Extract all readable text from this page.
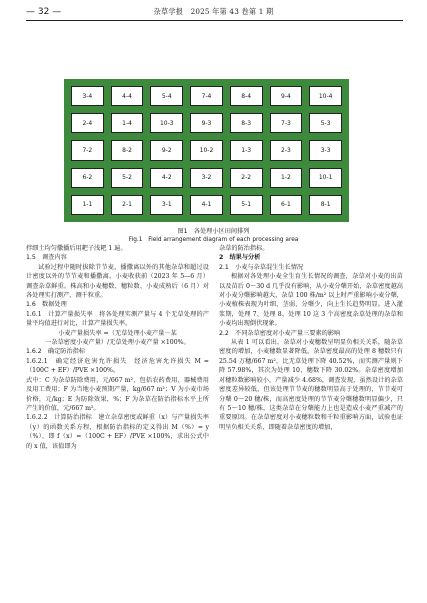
— 32 —	杂草学报　2025 年第 43 卷第 1 期
3-4	4-4	5-4	7-4	8-4	9-4	10-4
2-4	1-4	10-3	9-3	8-3	7-3	5-3
7-2	8-2	9-2	10-2	1-3	2-3	3-3
6-2	5-2	4-2	3-2	2-2	1-2	10-1
1-1	2-1	3-1	4-1	5-1	6-1	8-1
图1　各处理小区田间排列
Fig.1　Field arrangement diagram of each processing area

拌细土均匀撒播后用耙子浅耙 1 遍。

1.5　调查内容

试验过程中随时拔除节节麦、播撒离以外的其他杂草和超过设计密度以外的节节麦和播撒离。小麦收获前（2023 年 5—6 月）调查杂草鲜重。株高和小麦穗数、穗粒数、小麦成熟后（6 月）对各处理实打测产、测千粒重。

1.6　数据处理

1.6.1　计算产量损失率　将各处理实测产量与 4 个无草处理的产量平均值进行对比，计算产量损失率。

小麦产量损失率 =（无草处理小麦产量－某

一杂草密度小麦产量）/无草处理小麦产量 ×100%。

1.6.2　确定防治指标

1.6.2.1　确定经济危害允许损失　经济危害允许损失 M =（100C + EF）/PVE ×100%。

式中：C 为杂草防除费用，元/667 m²，包括农药费用、器械费用及用工费用；F 为当地小麦预期产量，kg/667 m²；V 为小麦市场价格，元/kg；E 为防除效果，%；F 为杂草在防治指标水平上所产生的价值，元/667 m²。

1.6.2.2　计算防治指标　建立杂草密度或鲜重（x）与产量损失率（y）的函数关系方程，根据防治指标的定义得出 M（%）= y（%），即 f（x）=（100C + EF）/PVE ×100%，求出公式中的 x 值，该值即为

杂草的防治指标。

2　结果与分析

2.1　小麦与杂草混生生长情况

根据对各处理小麦全生育生长情况的调查，杂草对小麦的出苗以及苗后 0～30 d 几乎没有影响，从小麦分蘖开始，杂草密度越高对小麦分蘖影响越大，杂草 100 株/m² 以上时严重影响小麦分蘖，小麦植株表现为叶细、茎弱、分蘖少，向上生长趋势明显。进入灌浆期，处理 7、处理 8、处理 10 这 3 个高密度杂草处理的杂草和小麦均出现倒伏现象。

2.2　不同杂草密度对小麦产量三要素的影响

从表 1 可以看出，杂草对小麦穗数呈明显负相关关系，随杂草密度的增加，小麦穗数显著降低，杂草密度最高的处理 8 穗数只有 25.54 万穗/667 m²，比无草处理下降 40.52%，而实测产量则下降 57.98%，其次为处理 10，穗数下降 30.02%。杂草密度增加对穗粒数影响较小，产量减少 4.68%，调查发现，虽然设计的杂草密度差异较低，但该处理节节麦的穗数明显高于处理的，节节麦可分蘖 0～20 穗/株，而高密度处理的节节麦分蘖穗数明显偏少，只有 5～10 穗/株，这类杂草在分蘖能力上也是造成小麦严重减产的重要原因。在杂草密度对小麦穗粒数和千粒重影响方面，试验也证明呈负相关关系，即随着杂草密度的增加，
